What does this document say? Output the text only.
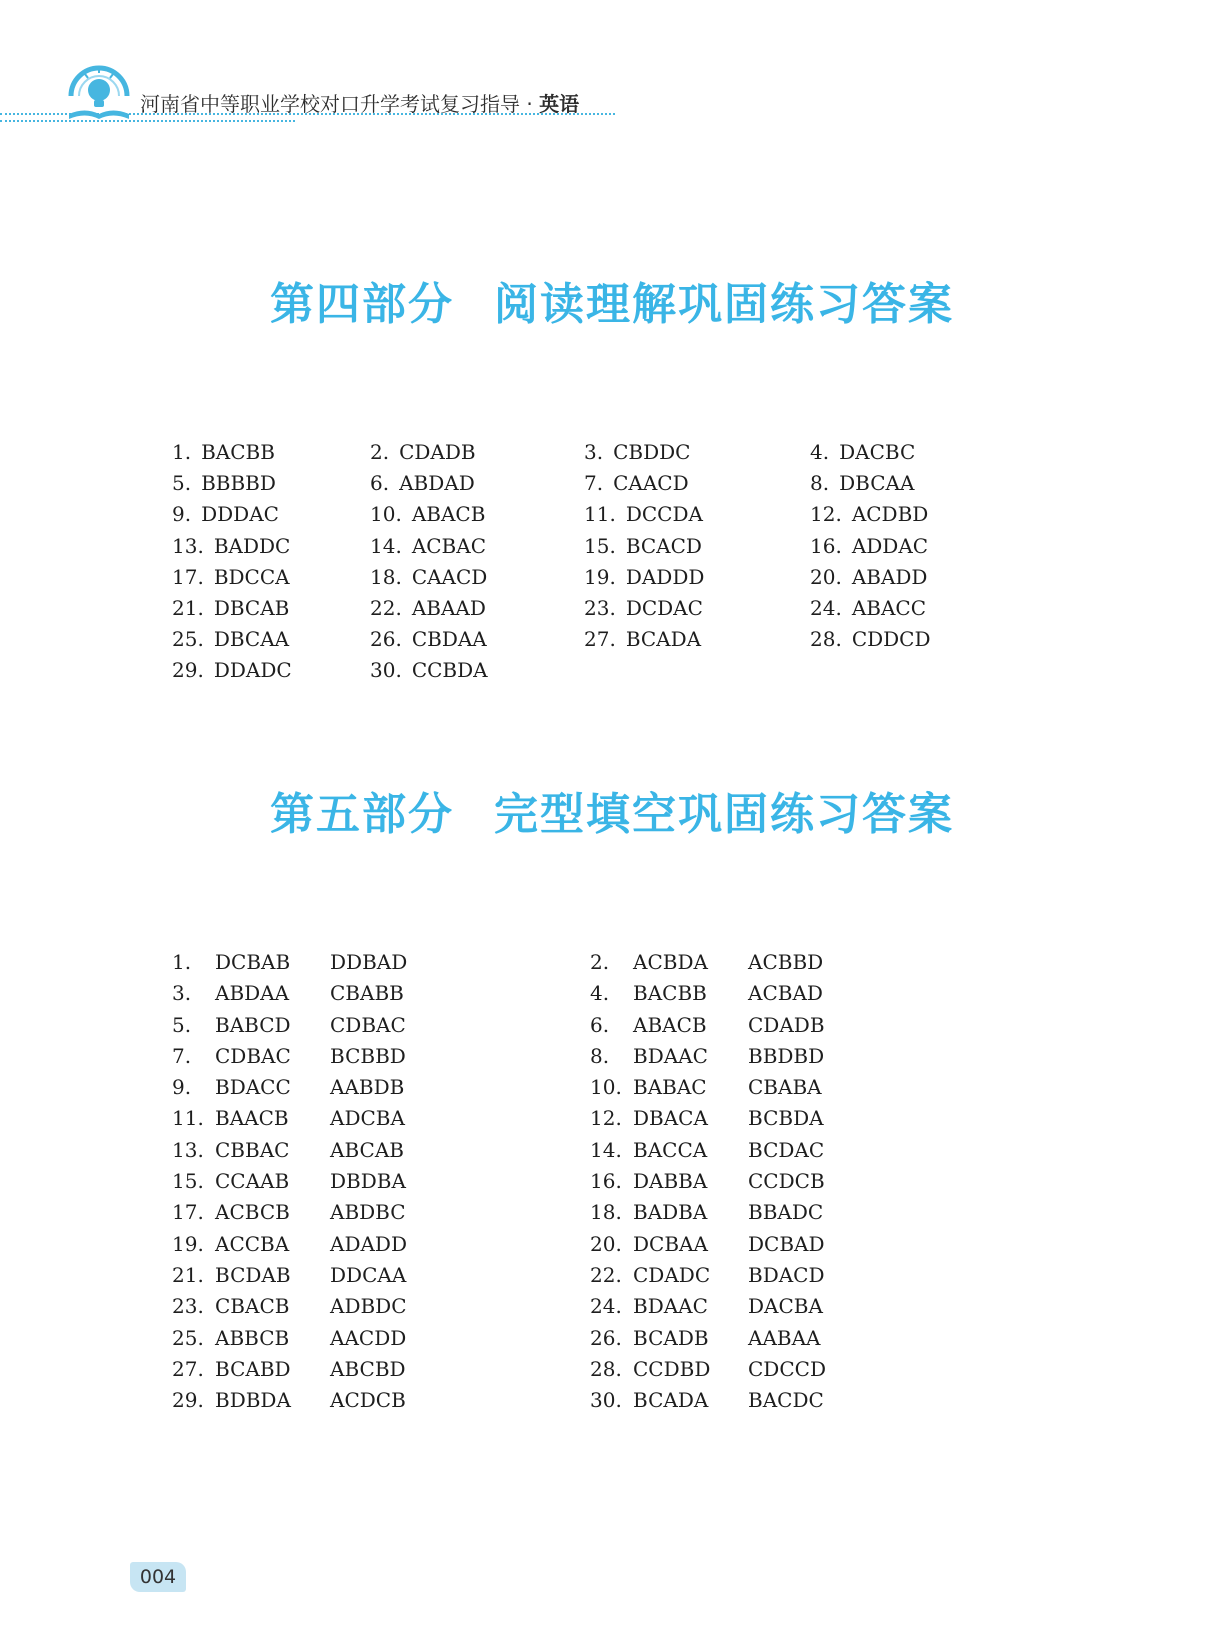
河南省中等职业学校对口升学考试复习指导 · 英语
第四部分 阅读理解巩固练习答案
1. BACBB	2. CDADB	3. CBDDC	4. DACBC
5. BBBBD	6. ABDAD	7. CAACD	8. DBCAA
9. DDDAC	10. ABACB	11. DCCDA	12. ACDBD
13. BADDC	14. ACBAC	15. BCACD	16. ADDAC
17. BDCCA	18. CAACD	19. DADDD	20. ABADD
21. DBCAB	22. ABAAD	23. DCDAC	24. ABACC
25. DBCAA	26. CBDAA	27. BCADA	28. CDDCD
29. DDADC	30. CCBDA
第五部分 完型填空巩固练习答案
1.	DCBAB DDBAD	2.	ACBDA ACBBD
3.	ABDAA CBABB	4.	BACBB ACBAD
5.	BABCD CDBAC	6.	ABACB CDADB
7.	CDBAC BCBBD	8.	BDAAC BBDBD
9.	BDACC AABDB	10. BABAC CBABA
11. BAACB ADCBA	12. DBACA BCBDA
13. CBBAC ABCAB	14. BACCA BCDAC
15. CCAAB DBDBA	16. DABBA CCDCB
17. ACBCB ABDBC	18. BADBA BBADC
19. ACCBA ADADD	20. DCBAA DCBAD
21. BCDAB DDCAA	22. CDADC BDACD
23. CBACB ADBDC	24. BDAAC DACBA
25. ABBCB AACDD	26. BCADB AABAA
27. BCABD ABCBD	28. CCDBD CDCCD
29. BDBDA ACDCB	30. BCADA BACDC
004
